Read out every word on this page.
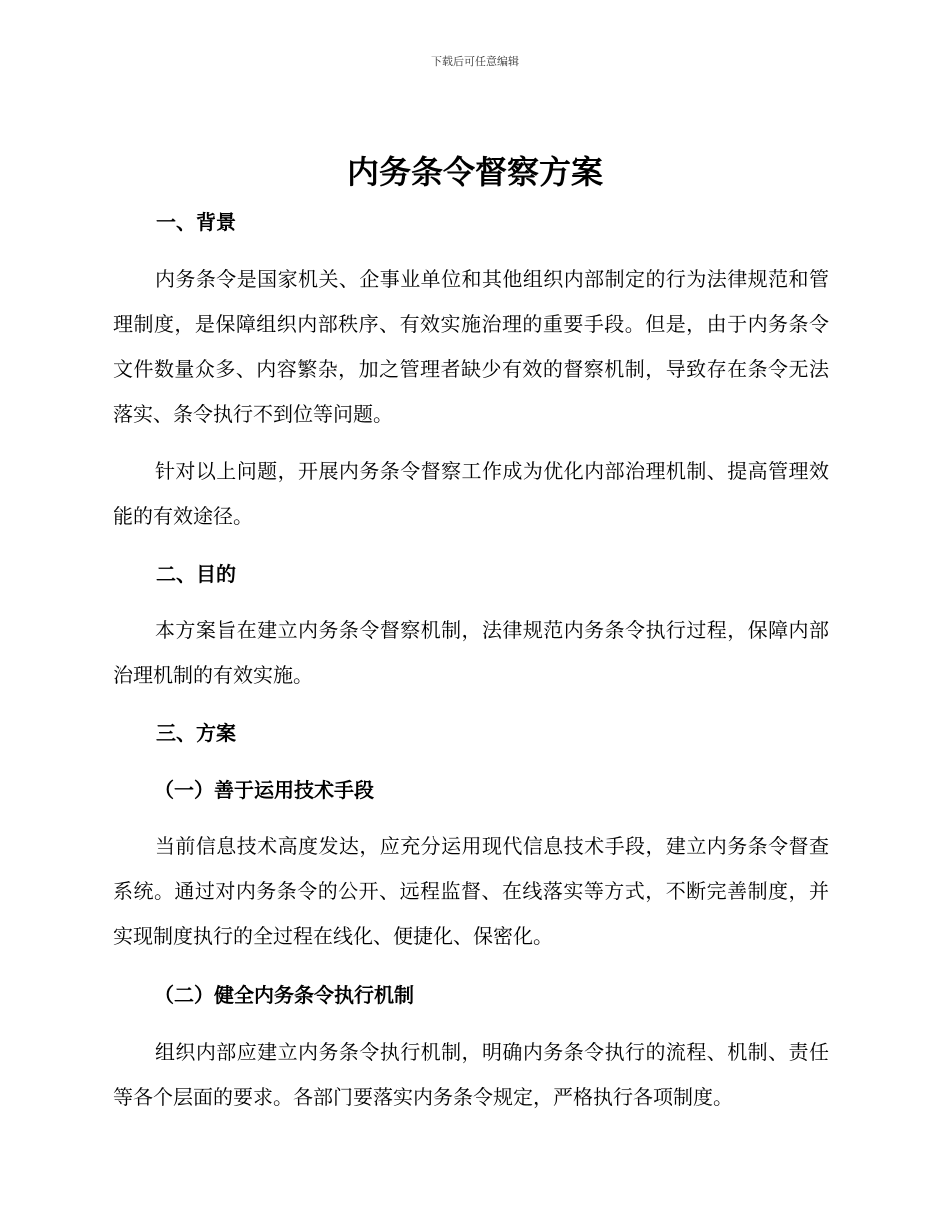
下载后可任意编辑
内务条令督察方案
一、背景

内务条令是国家机关、企事业单位和其他组织内部制定的行为法律规范和管理制度，是保障组织内部秩序、有效实施治理的重要手段。但是，由于内务条令文件数量众多、内容繁杂，加之管理者缺少有效的督察机制，导致存在条令无法落实、条令执行不到位等问题。

针对以上问题，开展内务条令督察工作成为优化内部治理机制、提高管理效能的有效途径。

二、目的

本方案旨在建立内务条令督察机制，法律规范内务条令执行过程，保障内部治理机制的有效实施。

三、方案
（一）善于运用技术手段

当前信息技术高度发达，应充分运用现代信息技术手段，建立内务条令督查系统。通过对内务条令的公开、远程监督、在线落实等方式，不断完善制度，并实现制度执行的全过程在线化、便捷化、保密化。

（二）健全内务条令执行机制

组织内部应建立内务条令执行机制，明确内务条令执行的流程、机制、责任等各个层面的要求。各部门要落实内务条令规定，严格执行各项制度。
